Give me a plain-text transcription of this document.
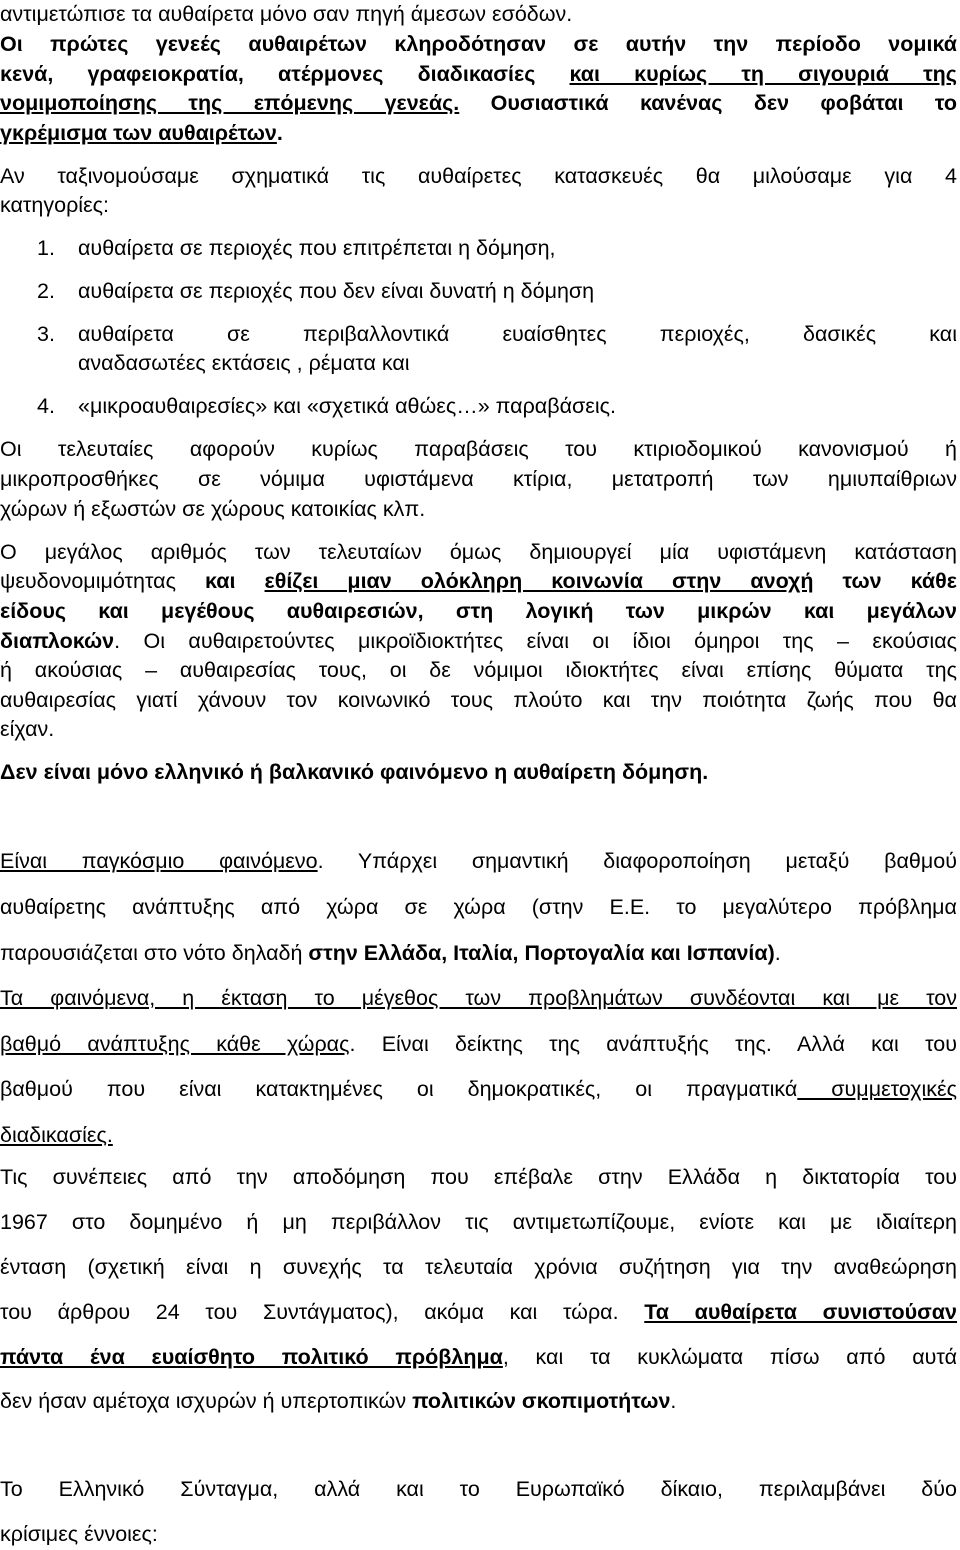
αντιμετώπισε τα αυθαίρετα μόνο σαν πηγή άμεσων εσόδων.
Οι πρώτες γενεές αυθαιρέτων κληροδότησαν σε αυτήν την περίοδο νομικά
κενά, γραφειοκρατία, ατέρμονες διαδικασίες και κυρίως τη σιγουριά της
νομιμοποίησης της επόμενης γενεάς. Ουσιαστικά κανένας δεν φοβάται το
γκρέμισμα των αυθαιρέτων.
Αν ταξινομούσαμε σχηματικά τις αυθαίρετες κατασκευές θα μιλούσαμε για 4
κατηγορίες:
1.	αυθαίρετα σε περιοχές που επιτρέπεται η δόμηση,
2.	αυθαίρετα σε περιοχές που δεν είναι δυνατή η δόμηση
3.	αυθαίρετα σε περιβαλλοντικά ευαίσθητες περιοχές, δασικές και
αναδασωτέες εκτάσεις , ρέματα και
4.	«μικροαυθαιρεσίες» και «σχετικά αθώες…» παραβάσεις.
Οι τελευταίες αφορούν κυρίως παραβάσεις του κτιριοδομικού κανονισμού ή
μικροπροσθήκες σε νόμιμα υφιστάμενα κτίρια, μετατροπή των ημιυπαίθριων
χώρων ή εξωστών σε χώρους κατοικίας κλπ.
Ο μεγάλος αριθμός των τελευταίων όμως δημιουργεί μία υφιστάμενη κατάσταση
ψευδονομιμότητας και εθίζει μιαν ολόκληρη κοινωνία στην ανοχή των κάθε
είδους και μεγέθους αυθαιρεσιών, στη λογική των μικρών και μεγάλων
διαπλοκών. Οι αυθαιρετούντες μικροϊδιοκτήτες είναι οι ίδιοι όμηροι της – εκούσιας
ή ακούσιας – αυθαιρεσίας τους, οι δε νόμιμοι ιδιοκτήτες είναι επίσης θύματα της
αυθαιρεσίας γιατί χάνουν τον κοινωνικό τους πλούτο και την ποιότητα ζωής που θα
είχαν.
Δεν είναι μόνο ελληνικό ή βαλκανικό φαινόμενο η αυθαίρετη δόμηση.
Είναι παγκόσμιο φαινόμενο. Υπάρχει σημαντική διαφοροποίηση μεταξύ βαθμού
αυθαίρετης ανάπτυξης από χώρα σε χώρα (στην Ε.Ε. το μεγαλύτερο πρόβλημα
παρουσιάζεται στο νότο δηλαδή στην Ελλάδα, Ιταλία, Πορτογαλία και Ισπανία).
Τα φαινόμενα, η έκταση το μέγεθος των προβλημάτων συνδέονται και με τον
βαθμό ανάπτυξης κάθε χώρας. Είναι δείκτης της ανάπτυξής της. Αλλά και του
βαθμού που είναι κατακτημένες οι δημοκρατικές, οι πραγματικά συμμετοχικές
διαδικασίες.
Τις συνέπειες από την αποδόμηση που επέβαλε στην Ελλάδα η δικτατορία του
1967 στο δομημένο ή μη περιβάλλον τις αντιμετωπίζουμε, ενίοτε και με ιδιαίτερη
ένταση (σχετική είναι η συνεχής τα τελευταία χρόνια συζήτηση για την αναθεώρηση
του άρθρου 24 του Συντάγματος), ακόμα και τώρα. Τα αυθαίρετα συνιστούσαν
πάντα ένα ευαίσθητο πολιτικό πρόβλημα, και τα κυκλώματα πίσω από αυτά
δεν ήσαν αμέτοχα ισχυρών ή υπερτοπικών πολιτικών σκοπιμοτήτων.
Το Ελληνικό Σύνταγμα, αλλά και το Ευρωπαϊκό δίκαιο, περιλαμβάνει δύο
κρίσιμες έννοιες:
